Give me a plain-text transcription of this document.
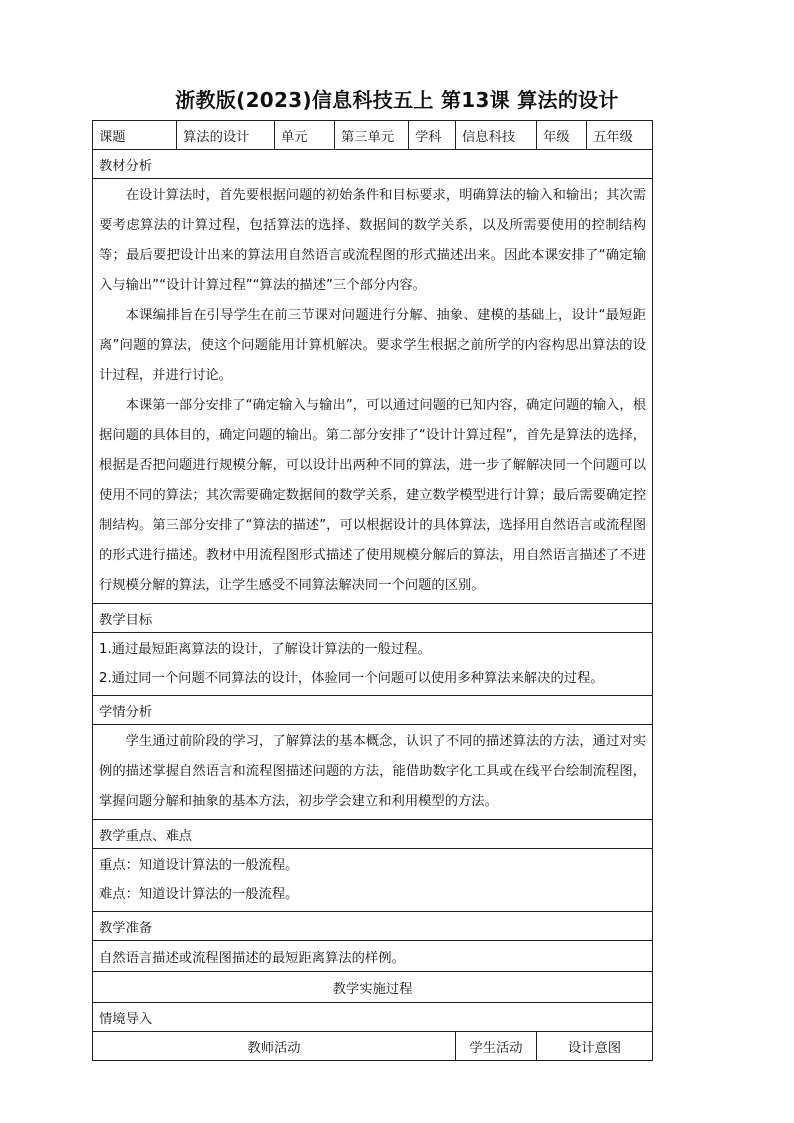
浙教版(2023)信息科技五上 第13课 算法的设计
课题	算法的设计	单元	第三单元	学科	信息科技	年级	五年级
教材分析							

在设计算法时，首先要根据问题的初始条件和目标要求，明确算法的输入和输出；其次需要考虑算法的计算过程，包括算法的选择、数据间的数学关系，以及所需要使用的控制结构等；最后要把设计出来的算法用自然语言或流程图的形式描述出来。因此本课安排了“确定输入与输出”“设计计算过程”“算法的描述”三个部分内容。

本课编排旨在引导学生在前三节课对问题进行分解、抽象、建模的基础上，设计“最短距离”问题的算法，使这个问题能用计算机解决。要求学生根据之前所学的内容构思出算法的设计过程，并进行讨论。

本课第一部分安排了“确定输入与输出”，可以通过问题的已知内容，确定问题的输入，根据问题的具体目的，确定问题的输出。第二部分安排了“设计计算过程”，首先是算法的选择，根据是否把问题进行规模分解，可以设计出两种不同的算法，进一步了解解决同一个问题可以使用不同的算法；其次需要确定数据间的数学关系，建立数学模型进行计算；最后需要确定控制结构。第三部分安排了“算法的描述”，可以根据设计的具体算法，选择用自然语言或流程图的形式进行描述。教材中用流程图形式描述了使用规模分解后的算法，用自然语言描述了不进行规模分解的算法，让学生感受不同算法解决同一个问题的区别。							

教学目标							

1.通过最短距离算法的设计，了解设计算法的一般过程。

2.通过同一个问题不同算法的设计，体验同一个问题可以使用多种算法来解决的过程。							

学情分析							

学生通过前阶段的学习，了解算法的基本概念，认识了不同的描述算法的方法，通过对实例的描述掌握自然语言和流程图描述问题的方法，能借助数字化工具或在线平台绘制流程图，掌握问题分解和抽象的基本方法，初步学会建立和利用模型的方法。							

教学重点、难点							

重点：知道设计算法的一般流程。

难点：知道设计算法的一般流程。							

教学准备							
自然语言描述或流程图描述的最短距离算法的样例。							
教学实施过程							
情境导入							
教师活动					学生活动	设计意图	
